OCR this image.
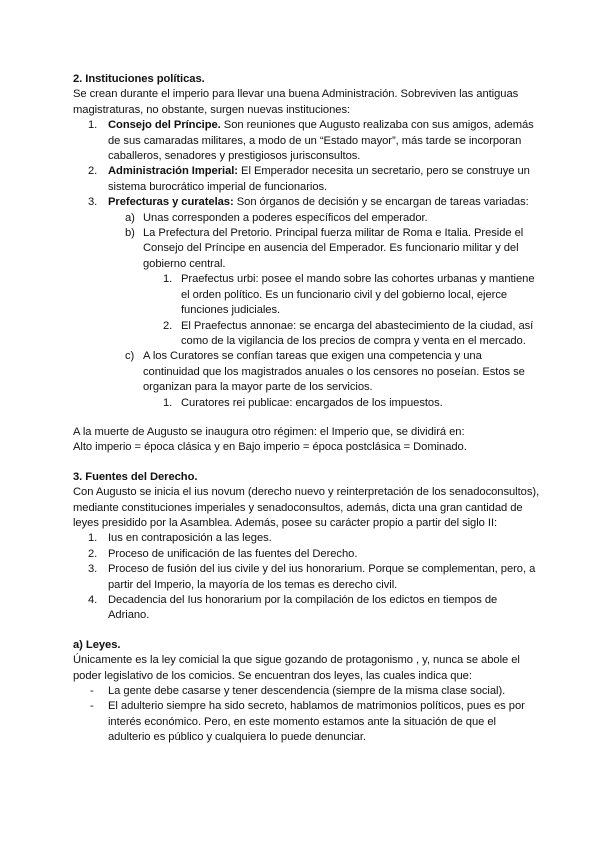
2. Instituciones políticas.

Se crean durante el imperio para llevar una buena Administración. Sobreviven las antiguas magistraturas, no obstante, surgen nuevas instituciones:

1. Consejo del Príncipe. Son reuniones que Augusto realizaba con sus amigos, además de sus camaradas militares, a modo de un “Estado mayor”, más tarde se incorporan caballeros, senadores y prestigiosos jurisconsultos.
2. Administración Imperial: El Emperador necesita un secretario, pero se construye un sistema burocrático imperial de funcionarios.
3. Prefecturas y curatelas: Son órganos de decisión y se encargan de tareas variadas:
a) Unas corresponden a poderes específicos del emperador.
b) La Prefectura del Pretorio. Principal fuerza militar de Roma e Italia. Preside el Consejo del Príncipe en ausencia del Emperador. Es funcionario militar y del gobierno central.
1. Praefectus urbi: posee el mando sobre las cohortes urbanas y mantiene el orden político. Es un funcionario civil y del gobierno local, ejerce funciones judiciales.
2. El Praefectus annonae: se encarga del abastecimiento de la ciudad, así como de la vigilancia de los precios de compra y venta en el mercado.
c) A los Curatores se confían tareas que exigen una competencia y una continuidad que los magistrados anuales o los censores no poseían. Estos se organizan para la mayor parte de los servicios.
1. Curatores rei publicae: encargados de los impuestos.

A la muerte de Augusto se inaugura otro régimen: el Imperio que, se dividirá en:

Alto imperio = época clásica y en Bajo imperio = época postclásica = Dominado.

3. Fuentes del Derecho.

Con Augusto se inicia el ius novum (derecho nuevo y reinterpretación de los senadoconsultos), mediante constituciones imperiales y senadoconsultos, además, dicta una gran cantidad de leyes presidido por la Asamblea. Además, posee su carácter propio a partir del siglo II:

1. Ius en contraposición a las leges.
2. Proceso de unificación de las fuentes del Derecho.
3. Proceso de fusión del ius civile y del ius honorarium. Porque se complementan, pero, a partir del Imperio, la mayoría de los temas es derecho civil.
4. Decadencia del Ius honorarium por la compilación de los edictos en tiempos de Adriano.

a) Leyes.

Únicamente es la ley comicial la que sigue gozando de protagonismo , y, nunca se abole el poder legislativo de los comicios. Se encuentran dos leyes, las cuales indica que:

- La gente debe casarse y tener descendencia (siempre de la misma clase social).
- El adulterio siempre ha sido secreto, hablamos de matrimonios políticos, pues es por interés económico. Pero, en este momento estamos ante la situación de que el adulterio es público y cualquiera lo puede denunciar.
